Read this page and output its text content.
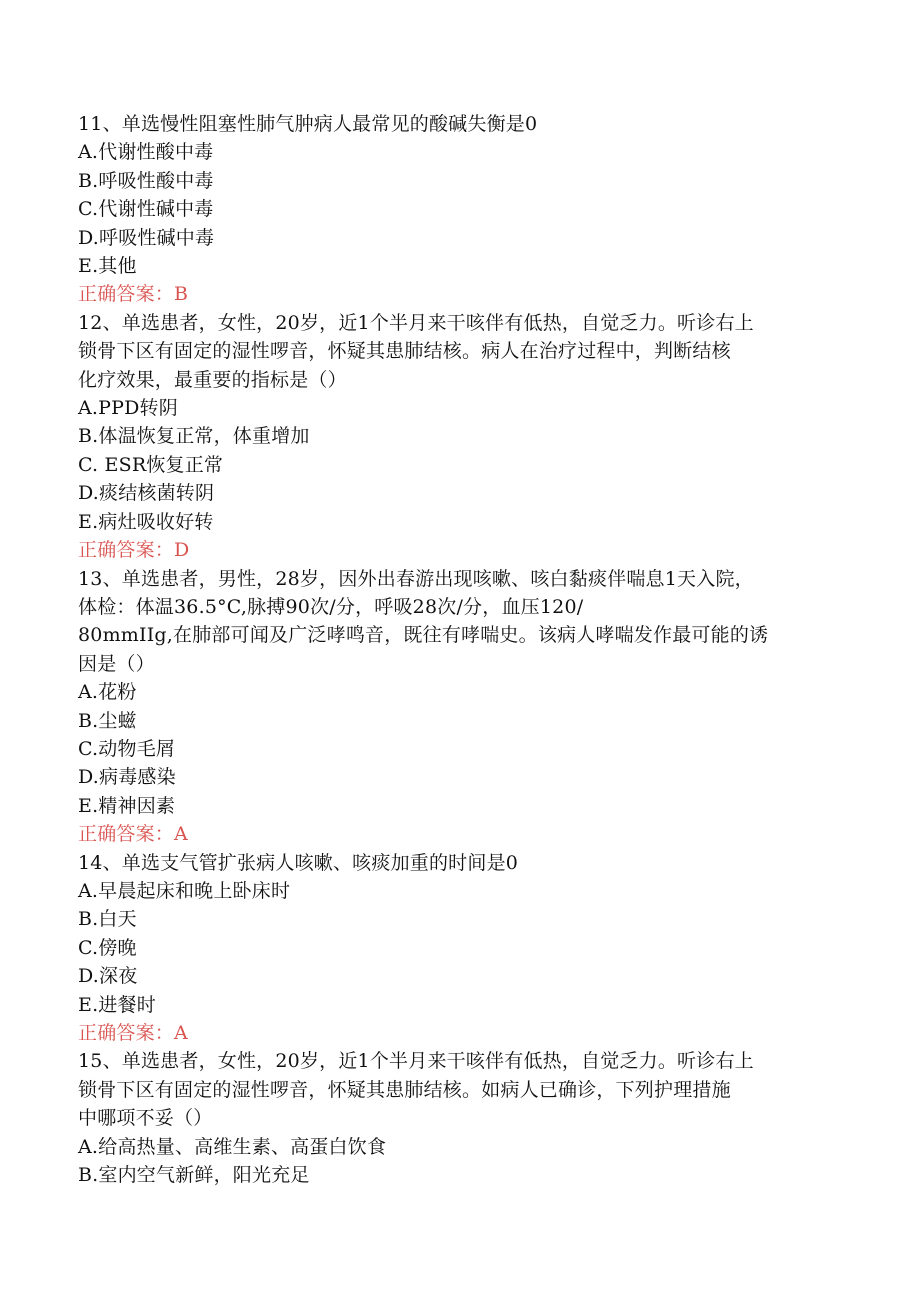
11、单选慢性阻塞性肺气肿病人最常见的酸碱失衡是0
A.代谢性酸中毒
B.呼吸性酸中毒
C.代谢性碱中毒
D.呼吸性碱中毒
E.其他
正确答案：B
12、单选患者，女性，20岁，近1个半月来干咳伴有低热，自觉乏力。听诊右上
锁骨下区有固定的湿性啰音，怀疑其患肺结核。病人在治疗过程中，判断结核
化疗效果，最重要的指标是（）
A.PPD转阴
B.体温恢复正常，体重增加
C. ESR恢复正常
D.痰结核菌转阴
E.病灶吸收好转
正确答案：D
13、单选患者，男性，28岁，因外出春游出现咳嗽、咳白黏痰伴喘息1天入院，
体检：体温36.5°C,脉搏90次/分，呼吸28次/分，血压120/
80mmIIg,在肺部可闻及广泛哮鸣音，既往有哮喘史。该病人哮喘发作最可能的诱
因是（）
A.花粉
B.尘螆
C.动物毛屑
D.病毒感染
E.精神因素
正确答案：A
14、单选支气管扩张病人咳嗽、咳痰加重的时间是0
A.早晨起床和晚上卧床时
B.白天
C.傍晚
D.深夜
E.进餐时
正确答案：A
15、单选患者，女性，20岁，近1个半月来干咳伴有低热，自觉乏力。听诊右上
锁骨下区有固定的湿性啰音，怀疑其患肺结核。如病人已确诊，下列护理措施
中哪项不妥（）
A.给高热量、高维生素、高蛋白饮食
B.室内空气新鲜，阳光充足
